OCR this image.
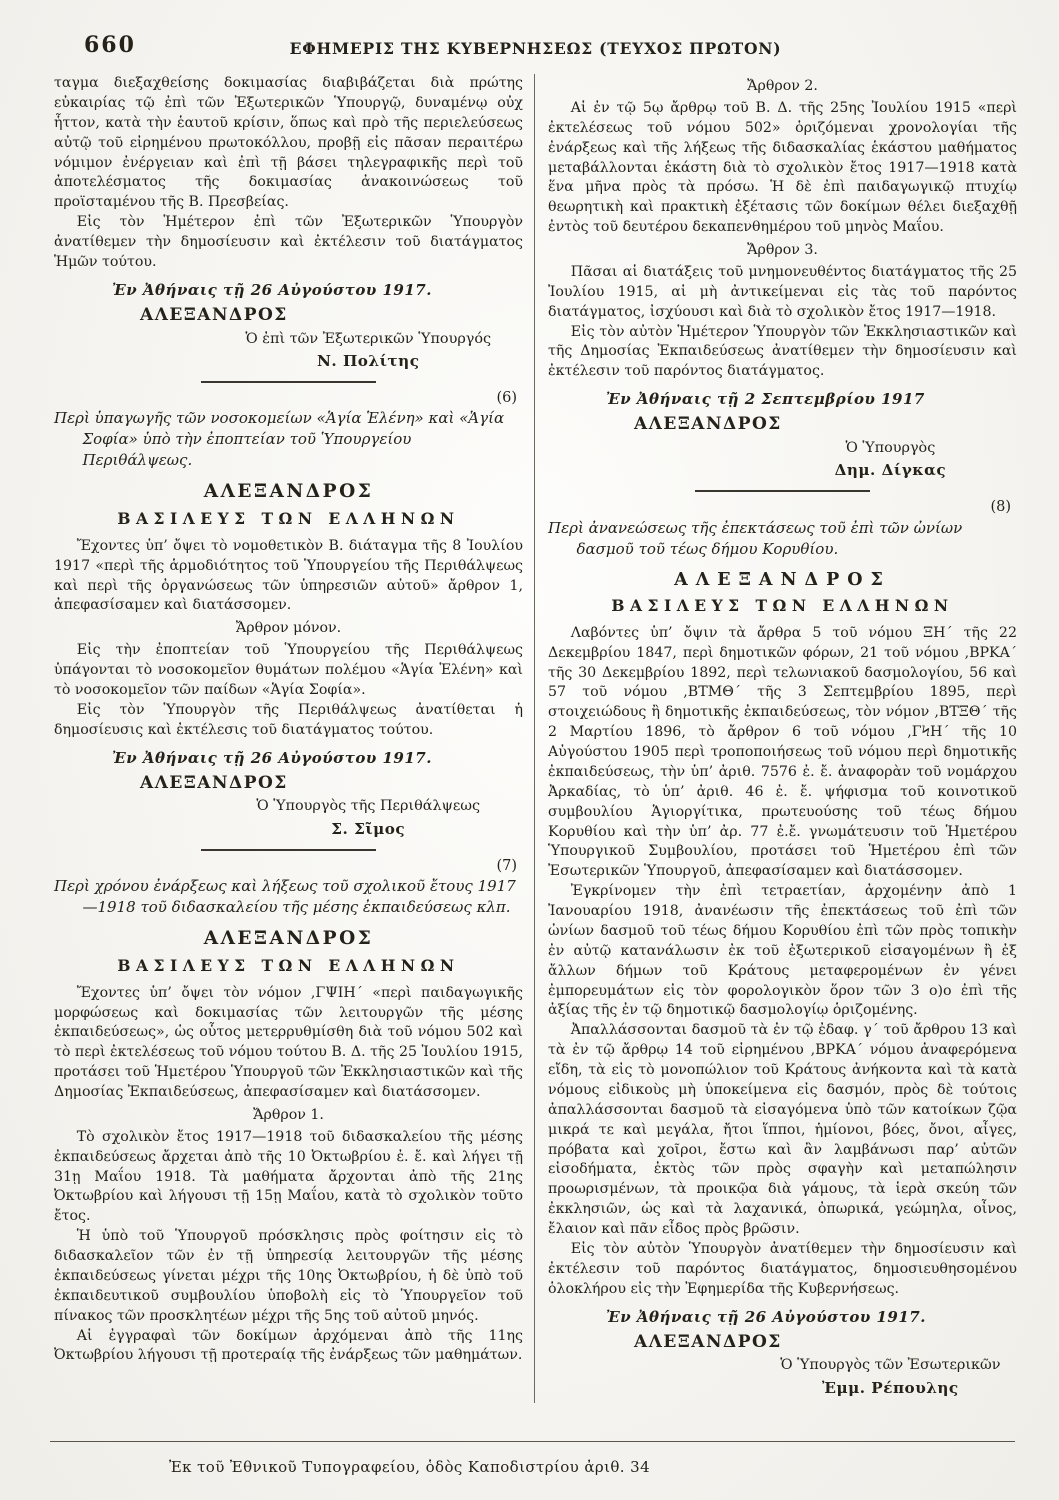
660	ΕΦΗΜΕΡΙΣ ΤΗΣ ΚΥΒΕΡΝΗΣΕΩΣ (ΤΕΥΧΟΣ ΠΡΩΤΟΝ)

ταγμα διεξαχθείσης δοκιμασίας διαβιβάζεται διὰ πρώτης εὐκαιρίας τῷ ἐπὶ τῶν Ἐξωτερικῶν Ὑπουργῷ, δυναμένῳ οὐχ ἧττον, κατὰ τὴν ἑαυτοῦ κρίσιν, ὅπως καὶ πρὸ τῆς περιελεύσεως αὐτῷ τοῦ εἰρημένου πρωτοκόλλου, προβῇ εἰς πᾶσαν περαιτέρω νόμιμον ἐνέργειαν καὶ ἐπὶ τῇ βάσει τηλεγραφικῆς περὶ τοῦ ἀποτελέσματος τῆς δοκιμασίας ἀνακοινώσεως τοῦ προϊσταμένου τῆς Β. Πρεσβείας.

Εἰς τὸν Ἡμέτερον ἐπὶ τῶν Ἐξωτερικῶν Ὑπουργὸν ἀνατίθεμεν τὴν δημοσίευσιν καὶ ἐκτέλεσιν τοῦ διατάγματος Ἡμῶν τούτου.

Ἐν Ἀθήναις τῇ 26 Αὐγούστου 1917.
ΑΛΕΞΑΝΔΡΟΣ
Ὁ ἐπὶ τῶν Ἐξωτερικῶν Ὑπουργός
Ν. Πολίτης
(6)
Περὶ ὑπαγωγῆς τῶν νοσοκομείων «Ἁγία Ἑλένη» καὶ «Ἁγία Σοφία» ὑπὸ τὴν ἐποπτείαν τοῦ Ὑπουργείου Περιθάλψεως.
ΑΛΕΞΑΝΔΡΟΣ
ΒΑΣΙΛΕΥΣ ΤΩΝ ΕΛΛΗΝΩΝ

Ἔχοντες ὑπ’ ὄψει τὸ νομοθετικὸν Β. διάταγμα τῆς 8 Ἰουλίου 1917 «περὶ τῆς ἁρμοδιότητος τοῦ Ὑπουργείου τῆς Περιθάλψεως καὶ περὶ τῆς ὀργανώσεως τῶν ὑπηρεσιῶν αὐτοῦ» ἄρθρον 1, ἀπεφασίσαμεν καὶ διατάσσομεν.

Ἄρθρον μόνον.

Εἰς τὴν ἐποπτείαν τοῦ Ὑπουργείου τῆς Περιθάλψεως ὑπάγονται τὸ νοσοκομεῖον θυμάτων πολέμου «Ἁγία Ἑλένη» καὶ τὸ νοσοκομεῖον τῶν παίδων «Ἁγία Σοφία».

Εἰς τὸν Ὑπουργὸν τῆς Περιθάλψεως ἀνατίθεται ἡ δημοσίευσις καὶ ἐκτέλεσις τοῦ διατάγματος τούτου.

Ἐν Ἀθήναις τῇ 26 Αὐγούστου 1917.
ΑΛΕΞΑΝΔΡΟΣ
Ὁ Ὑπουργὸς τῆς Περιθάλψεως
Σ. Σῖμος
(7)
Περὶ χρόνου ἐνάρξεως καὶ λήξεως τοῦ σχολικοῦ ἔτους 1917—1918 τοῦ διδασκαλείου τῆς μέσης ἐκπαιδεύσεως κλπ.
ΑΛΕΞΑΝΔΡΟΣ
ΒΑΣΙΛΕΥΣ ΤΩΝ ΕΛΛΗΝΩΝ

Ἔχοντες ὑπ’ ὄψει τὸν νόμον ,ΓΨΙΗ΄ «περὶ παιδαγωγικῆς μορφώσεως καὶ δοκιμασίας τῶν λειτουργῶν τῆς μέσης ἐκπαιδεύσεως», ὡς οὗτος μετερρυθμίσθη διὰ τοῦ νόμου 502 καὶ τὸ περὶ ἐκτελέσεως τοῦ νόμου τούτου Β. Δ. τῆς 25 Ἰουλίου 1915, προτάσει τοῦ Ἡμετέρου Ὑπουργοῦ τῶν Ἐκκλησιαστικῶν καὶ τῆς Δημοσίας Ἐκπαιδεύσεως, ἀπεφασίσαμεν καὶ διατάσσομεν.

Ἄρθρον 1.

Τὸ σχολικὸν ἔτος 1917—1918 τοῦ διδασκαλείου τῆς μέσης ἐκπαιδεύσεως ἄρχεται ἀπὸ τῆς 10 Ὀκτωβρίου ἐ. ἔ. καὶ λήγει τῇ 31ῃ Μαΐου 1918. Τὰ μαθήματα ἄρχονται ἀπὸ τῆς 21ης Ὀκτωβρίου καὶ λήγουσι τῇ 15ῃ Μαΐου, κατὰ τὸ σχολικὸν τοῦτο ἔτος.

Ἡ ὑπὸ τοῦ Ὑπουργοῦ πρόσκλησις πρὸς φοίτησιν εἰς τὸ διδασκαλεῖον τῶν ἐν τῇ ὑπηρεσίᾳ λειτουργῶν τῆς μέσης ἐκπαιδεύσεως γίνεται μέχρι τῆς 10ης Ὀκτωβρίου, ἡ δὲ ὑπὸ τοῦ ἐκπαιδευτικοῦ συμβουλίου ὑποβολὴ εἰς τὸ Ὑπουργεῖον τοῦ πίνακος τῶν προσκλητέων μέχρι τῆς 5ης τοῦ αὐτοῦ μηνός.

Αἱ ἐγγραφαὶ τῶν δοκίμων ἀρχόμεναι ἀπὸ τῆς 11ης Ὀκτωβρίου λήγουσι τῇ προτεραίᾳ τῆς ἐνάρξεως τῶν μαθημάτων.

Ἄρθρον 2.

Αἱ ἐν τῷ 5ῳ ἄρθρῳ τοῦ Β. Δ. τῆς 25ης Ἰουλίου 1915 «περὶ ἐκτελέσεως τοῦ νόμου 502» ὁριζόμεναι χρονολογίαι τῆς ἐνάρξεως καὶ τῆς λήξεως τῆς διδασκαλίας ἑκάστου μαθήματος μεταβάλλονται ἑκάστη διὰ τὸ σχολικὸν ἔτος 1917—1918 κατὰ ἕνα μῆνα πρὸς τὰ πρόσω. Ἡ δὲ ἐπὶ παιδαγωγικῷ πτυχίῳ θεωρητικὴ καὶ πρακτικὴ ἐξέτασις τῶν δοκίμων θέλει διεξαχθῇ ἐντὸς τοῦ δευτέρου δεκαπενθημέρου τοῦ μηνὸς Μαΐου.

Ἄρθρον 3.

Πᾶσαι αἱ διατάξεις τοῦ μνημονευθέντος διατάγματος τῆς 25 Ἰουλίου 1915, αἱ μὴ ἀντικείμεναι εἰς τὰς τοῦ παρόντος διατάγματος, ἰσχύουσι καὶ διὰ τὸ σχολικὸν ἔτος 1917—1918.

Εἰς τὸν αὐτὸν Ἡμέτερον Ὑπουργὸν τῶν Ἐκκλησιαστικῶν καὶ τῆς Δημοσίας Ἐκπαιδεύσεως ἀνατίθεμεν τὴν δημοσίευσιν καὶ ἐκτέλεσιν τοῦ παρόντος διατάγματος.

Ἐν Ἀθήναις τῇ 2 Σεπτεμβρίου 1917
ΑΛΕΞΑΝΔΡΟΣ
Ὁ Ὑπουργὸς
Δημ. Δίγκας
(8)
Περὶ ἀνανεώσεως τῆς ἐπεκτάσεως τοῦ ἐπὶ τῶν ὠνίων δασμοῦ τοῦ τέως δήμου Κορυθίου.
ΑΛΕΞΑΝΔΡΟΣ
ΒΑΣΙΛΕΥΣ ΤΩΝ ΕΛΛΗΝΩΝ

Λαβόντες ὑπ’ ὄψιν τὰ ἄρθρα 5 τοῦ νόμου ΞΗ΄ τῆς 22 Δεκεμβρίου 1847, περὶ δημοτικῶν φόρων, 21 τοῦ νόμου ,ΒΡΚΑ΄ τῆς 30 Δεκεμβρίου 1892, περὶ τελωνιακοῦ δασμολογίου, 56 καὶ 57 τοῦ νόμου ,ΒΤΜΘ΄ τῆς 3 Σεπτεμβρίου 1895, περὶ στοιχειώδους ἢ δημοτικῆς ἐκπαιδεύσεως, τὸν νόμον ,ΒΤΞΘ΄ τῆς 2 Μαρτίου 1896, τὸ ἄρθρον 6 τοῦ νόμου ,ΓϞΗ΄ τῆς 10 Αὐγούστου 1905 περὶ τροποποιήσεως τοῦ νόμου περὶ δημοτικῆς ἐκπαιδεύσεως, τὴν ὑπ’ ἀριθ. 7576 ἐ. ἔ. ἀναφορὰν τοῦ νομάρχου Ἀρκαδίας, τὸ ὑπ’ ἀριθ. 46 ἐ. ἔ. ψήφισμα τοῦ κοινοτικοῦ συμβουλίου Ἁγιοργίτικα, πρωτευούσης τοῦ τέως δήμου Κορυθίου καὶ τὴν ὑπ’ ἀρ. 77 ἐ.ἔ. γνωμάτευσιν τοῦ Ἡμετέρου Ὑπουργικοῦ Συμβουλίου, προτάσει τοῦ Ἡμετέρου ἐπὶ τῶν Ἐσωτερικῶν Ὑπουργοῦ, ἀπεφασίσαμεν καὶ διατάσσομεν.

Ἐγκρίνομεν τὴν ἐπὶ τετραετίαν, ἀρχομένην ἀπὸ 1 Ἰανουαρίου 1918, ἀνανέωσιν τῆς ἐπεκτάσεως τοῦ ἐπὶ τῶν ὠνίων δασμοῦ τοῦ τέως δήμου Κορυθίου ἐπὶ τῶν πρὸς τοπικὴν ἐν αὐτῷ κατανάλωσιν ἐκ τοῦ ἐξωτερικοῦ εἰσαγομένων ἢ ἐξ ἄλλων δήμων τοῦ Κράτους μεταφερομένων ἐν γένει ἐμπορευμάτων εἰς τὸν φορολογικὸν ὅρον τῶν 3 ο)ο ἐπὶ τῆς ἀξίας τῆς ἐν τῷ δημοτικῷ δασμολογίῳ ὁριζομένης.

Ἀπαλλάσσονται δασμοῦ τὰ ἐν τῷ ἐδαφ. γ΄ τοῦ ἄρθρου 13 καὶ τὰ ἐν τῷ ἄρθρῳ 14 τοῦ εἰρημένου ,ΒΡΚΑ΄ νόμου ἀναφερόμενα εἴδη, τὰ εἰς τὸ μονοπώλιον τοῦ Κράτους ἀνήκοντα καὶ τὰ κατὰ νόμους εἰδικοὺς μὴ ὑποκείμενα εἰς δασμόν, πρὸς δὲ τούτοις ἀπαλλάσσονται δασμοῦ τὰ εἰσαγόμενα ὑπὸ τῶν κατοίκων ζῷα μικρά τε καὶ μεγάλα, ἤτοι ἵπποι, ἡμίονοι, βόες, ὄνοι, αἶγες, πρόβατα καὶ χοῖροι, ἔστω καὶ ἂν λαμβάνωσι παρ’ αὐτῶν εἰσοδήματα, ἐκτὸς τῶν πρὸς σφαγὴν καὶ μεταπώλησιν προωρισμένων, τὰ προικῷα διὰ γάμους, τὰ ἱερὰ σκεύη τῶν ἐκκλησιῶν, ὡς καὶ τὰ λαχανικά, ὀπωρικά, γεώμηλα, οἶνος, ἔλαιον καὶ πᾶν εἶδος πρὸς βρῶσιν.

Εἰς τὸν αὐτὸν Ὑπουργὸν ἀνατίθεμεν τὴν δημοσίευσιν καὶ ἐκτέλεσιν τοῦ παρόντος διατάγματος, δημοσιευθησομένου ὁλοκλήρου εἰς τὴν Ἐφημερίδα τῆς Κυβερνήσεως.

Ἐν Ἀθήναις τῇ 26 Αὐγούστου 1917.
ΑΛΕΞΑΝΔΡΟΣ
Ὁ Ὑπουργὸς τῶν Ἐσωτερικῶν
Ἐμμ. Ρέπουλης
Ἐκ τοῦ Ἐθνικοῦ Τυπογραφείου, ὁδὸς Καποδιστρίου ἀριθ. 34
